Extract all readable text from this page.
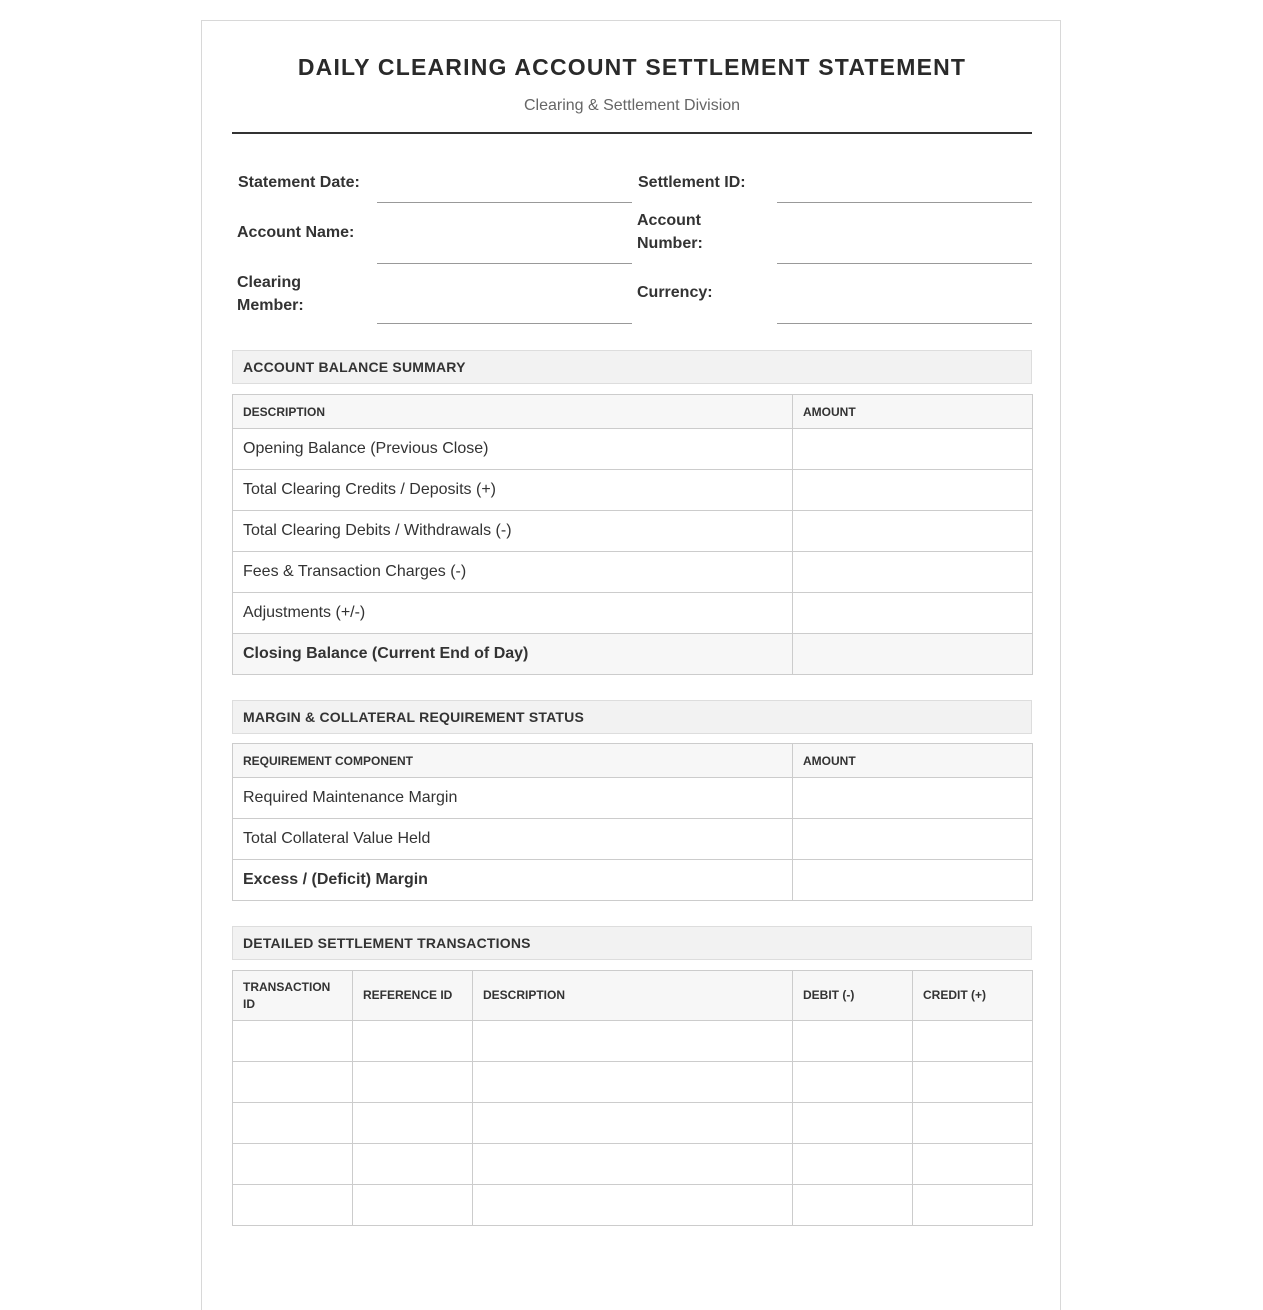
DAILY CLEARING ACCOUNT SETTLEMENT STATEMENT
Clearing & Settlement Division
Statement Date:	Settlement ID:
Account Name:
Account Number:
Clearing Member:
Currency:
ACCOUNT BALANCE SUMMARY
DESCRIPTION	AMOUNT
Opening Balance (Previous Close)	
Total Clearing Credits / Deposits (+)	
Total Clearing Debits / Withdrawals (-)	
Fees & Transaction Charges (-)	
Adjustments (+/-)	
Closing Balance (Current End of Day)	
MARGIN & COLLATERAL REQUIREMENT STATUS
REQUIREMENT COMPONENT	AMOUNT
Required Maintenance Margin	
Total Collateral Value Held	
Excess / (Deficit) Margin	
DETAILED SETTLEMENT TRANSACTIONS
TRANSACTION ID	REFERENCE ID	DESCRIPTION	DEBIT (-)	CREDIT (+)
